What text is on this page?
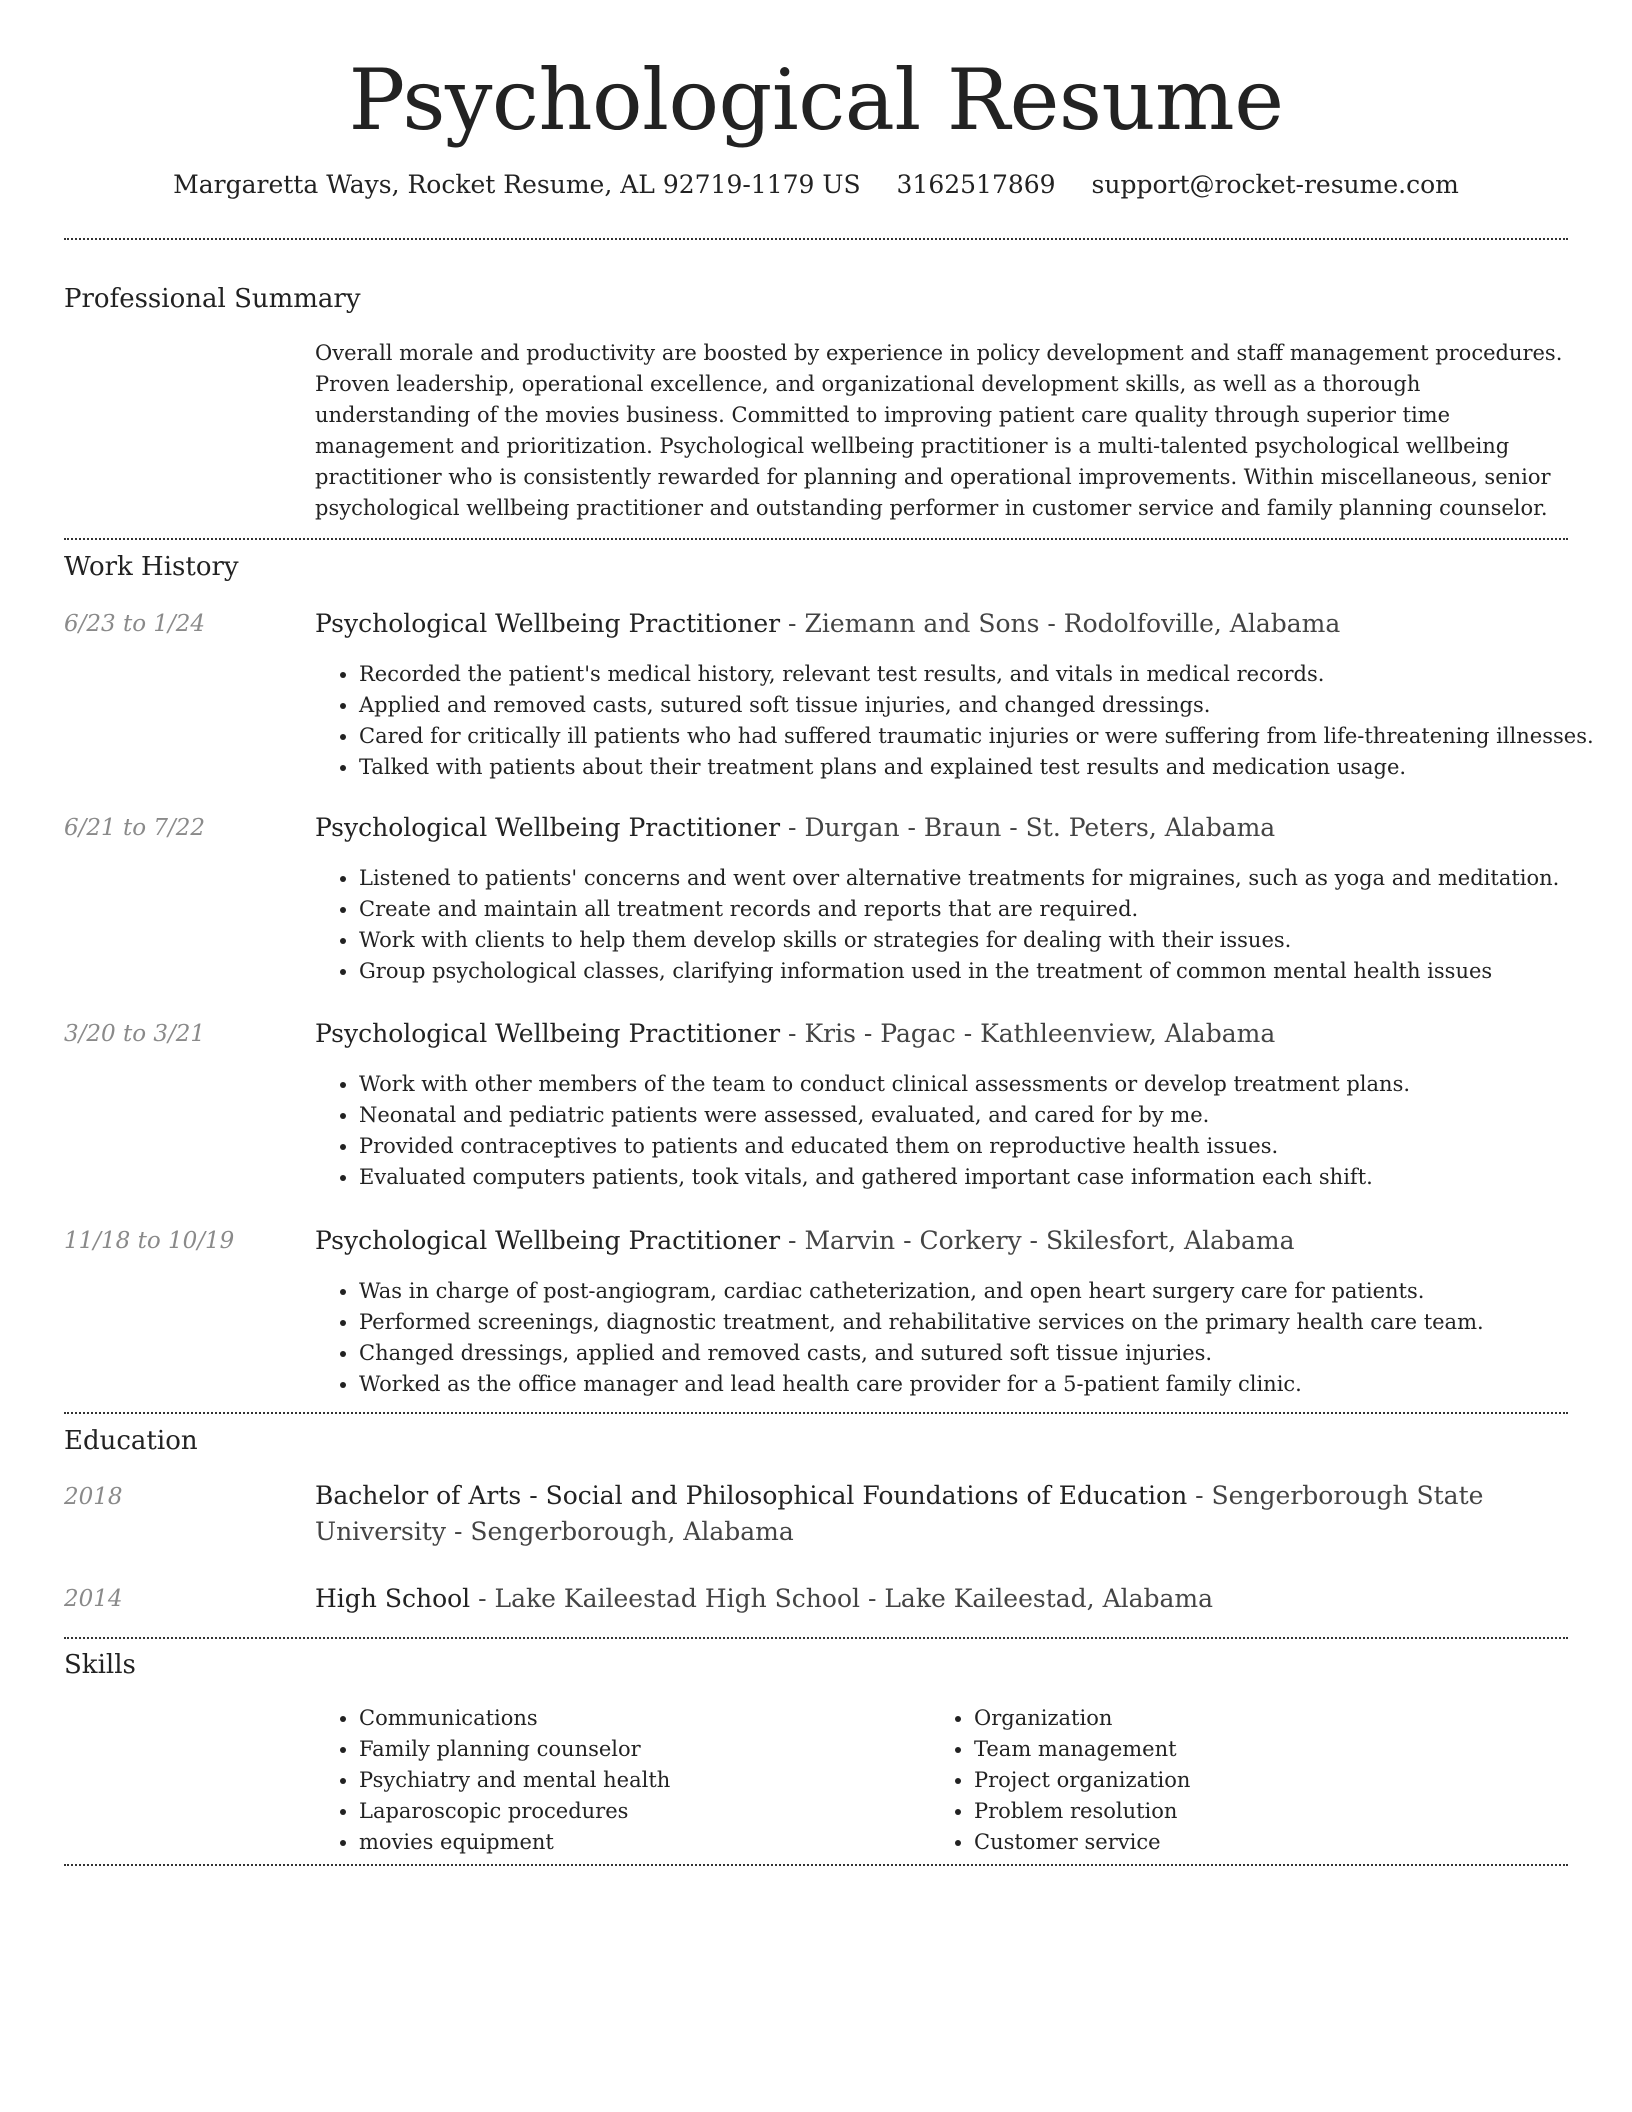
Psychological Resume
Margaretta Ways, Rocket Resume, AL 92719-1179 US 3162517869 support@rocket-resume.com
Professional Summary
Overall morale and productivity are boosted by experience in policy development and staff management procedures. Proven leadership, operational excellence, and organizational development skills, as well as a thorough understanding of the movies business. Committed to improving patient care quality through superior time management and prioritization. Psychological wellbeing practitioner is a multi-talented psychological wellbeing practitioner who is consistently rewarded for planning and operational improvements. Within miscellaneous, senior psychological wellbeing practitioner and outstanding performer in customer service and family planning counselor.
Work History
6/23 to 1/24	Psychological Wellbeing Practitioner - Ziemann and Sons - Rodolfoville, Alabama
• Recorded the patient's medical history, relevant test results, and vitals in medical records.
• Applied and removed casts, sutured soft tissue injuries, and changed dressings.
• Cared for critically ill patients who had suffered traumatic injuries or were suffering from life-threatening illnesses.
• Talked with patients about their treatment plans and explained test results and medication usage.
6/21 to 7/22	Psychological Wellbeing Practitioner - Durgan - Braun - St. Peters, Alabama
• Listened to patients' concerns and went over alternative treatments for migraines, such as yoga and meditation.
• Create and maintain all treatment records and reports that are required.
• Work with clients to help them develop skills or strategies for dealing with their issues.
• Group psychological classes, clarifying information used in the treatment of common mental health issues
3/20 to 3/21	Psychological Wellbeing Practitioner - Kris - Pagac - Kathleenview, Alabama
• Work with other members of the team to conduct clinical assessments or develop treatment plans.
• Neonatal and pediatric patients were assessed, evaluated, and cared for by me.
• Provided contraceptives to patients and educated them on reproductive health issues.
• Evaluated computers patients, took vitals, and gathered important case information each shift.
11/18 to 10/19	Psychological Wellbeing Practitioner - Marvin - Corkery - Skilesfort, Alabama
• Was in charge of post-angiogram, cardiac catheterization, and open heart surgery care for patients.
• Performed screenings, diagnostic treatment, and rehabilitative services on the primary health care team.
• Changed dressings, applied and removed casts, and sutured soft tissue injuries.
• Worked as the office manager and lead health care provider for a 5-patient family clinic.
Education
2018	Bachelor of Arts - Social and Philosophical Foundations of Education - Sengerborough State University - Sengerborough, Alabama
2014	High School - Lake Kaileestad High School - Lake Kaileestad, Alabama
Skills
• Communications
• Family planning counselor
• Psychiatry and mental health
• Laparoscopic procedures
• movies equipment
• Organization
• Team management
• Project organization
• Problem resolution
• Customer service
